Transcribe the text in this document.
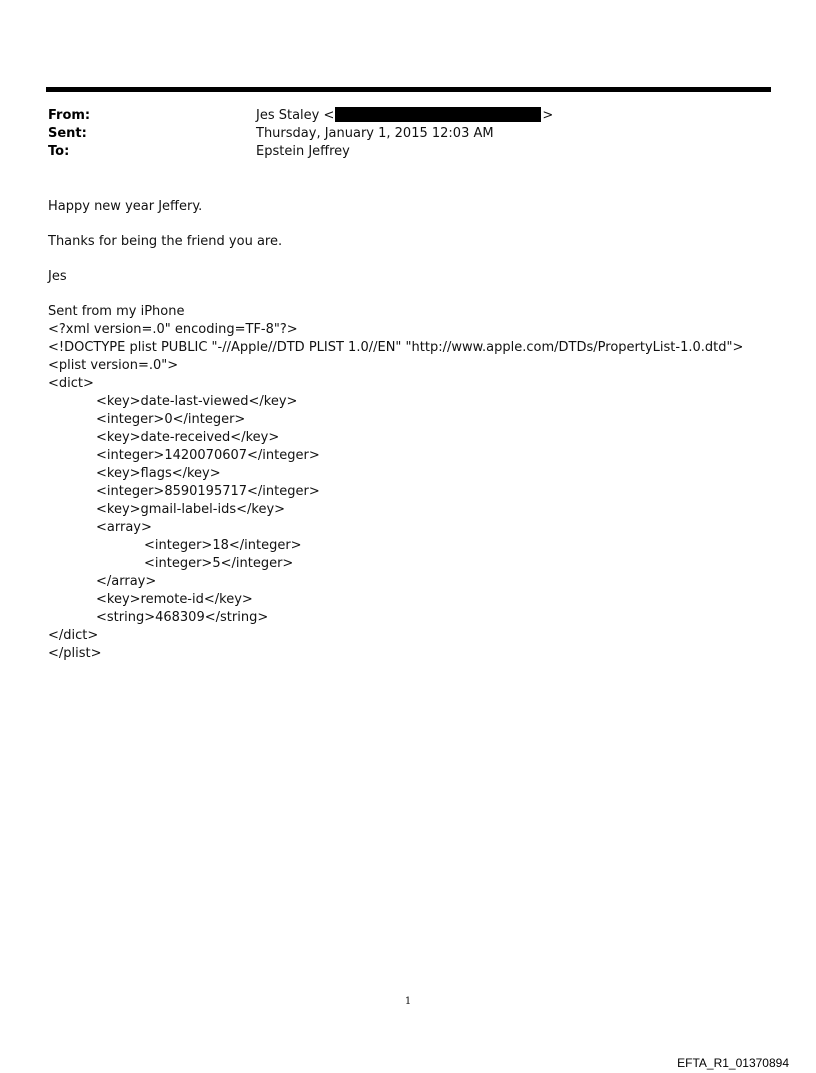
From:	Jes Staley <	>
Sent:	Thursday, January 1, 2015 12:03 AM
To:	Epstein Jeffrey
Happy new year Jeffery.
Thanks for being the friend you are.
Jes
Sent from my iPhone
<?xml version=.0" encoding=TF-8"?>
<!DOCTYPE plist PUBLIC "-//Apple//DTD PLIST 1.0//EN" "http://www.apple.com/DTDs/PropertyList-1.0.dtd">
<plist version=.0">
<dict>
<key>date-last-viewed</key>
<integer>0</integer>
<key>date-received</key>
<integer>1420070607</integer>
<key>flags</key>
<integer>8590195717</integer>
<key>gmail-label-ids</key>
<array>
<integer>18</integer>
<integer>5</integer>
</array>
<key>remote-id</key>
<string>468309</string>
</dict>
</plist>
1
EFTA_R1_01370894
